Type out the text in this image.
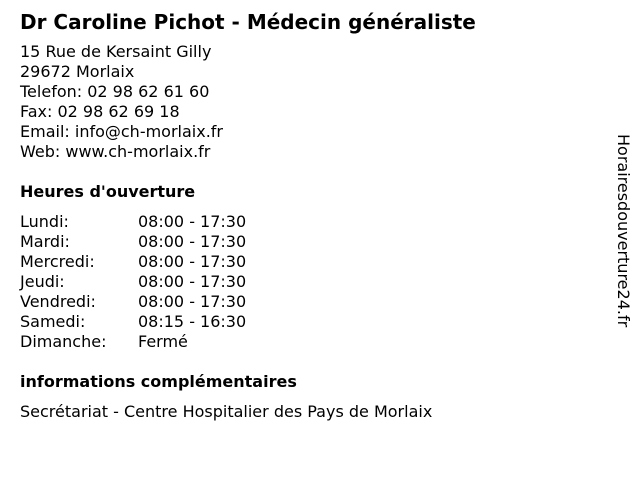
Dr Caroline Pichot - Médecin généraliste
15 Rue de Kersaint Gilly
29672 Morlaix
Telefon: 02 98 62 61 60
Fax: 02 98 62 69 18
Email: info@ch-morlaix.fr
Web: www.ch-morlaix.fr
Heures d'ouverture
Lundi:	08:00 - 17:30
Mardi:	08:00 - 17:30
Mercredi:	08:00 - 17:30
Jeudi:	08:00 - 17:30
Vendredi:	08:00 - 17:30
Samedi:	08:15 - 16:30
Dimanche:	Fermé
informations complémentaires
Secrétariat - Centre Hospitalier des Pays de Morlaix
Horairesdouverture24.fr
